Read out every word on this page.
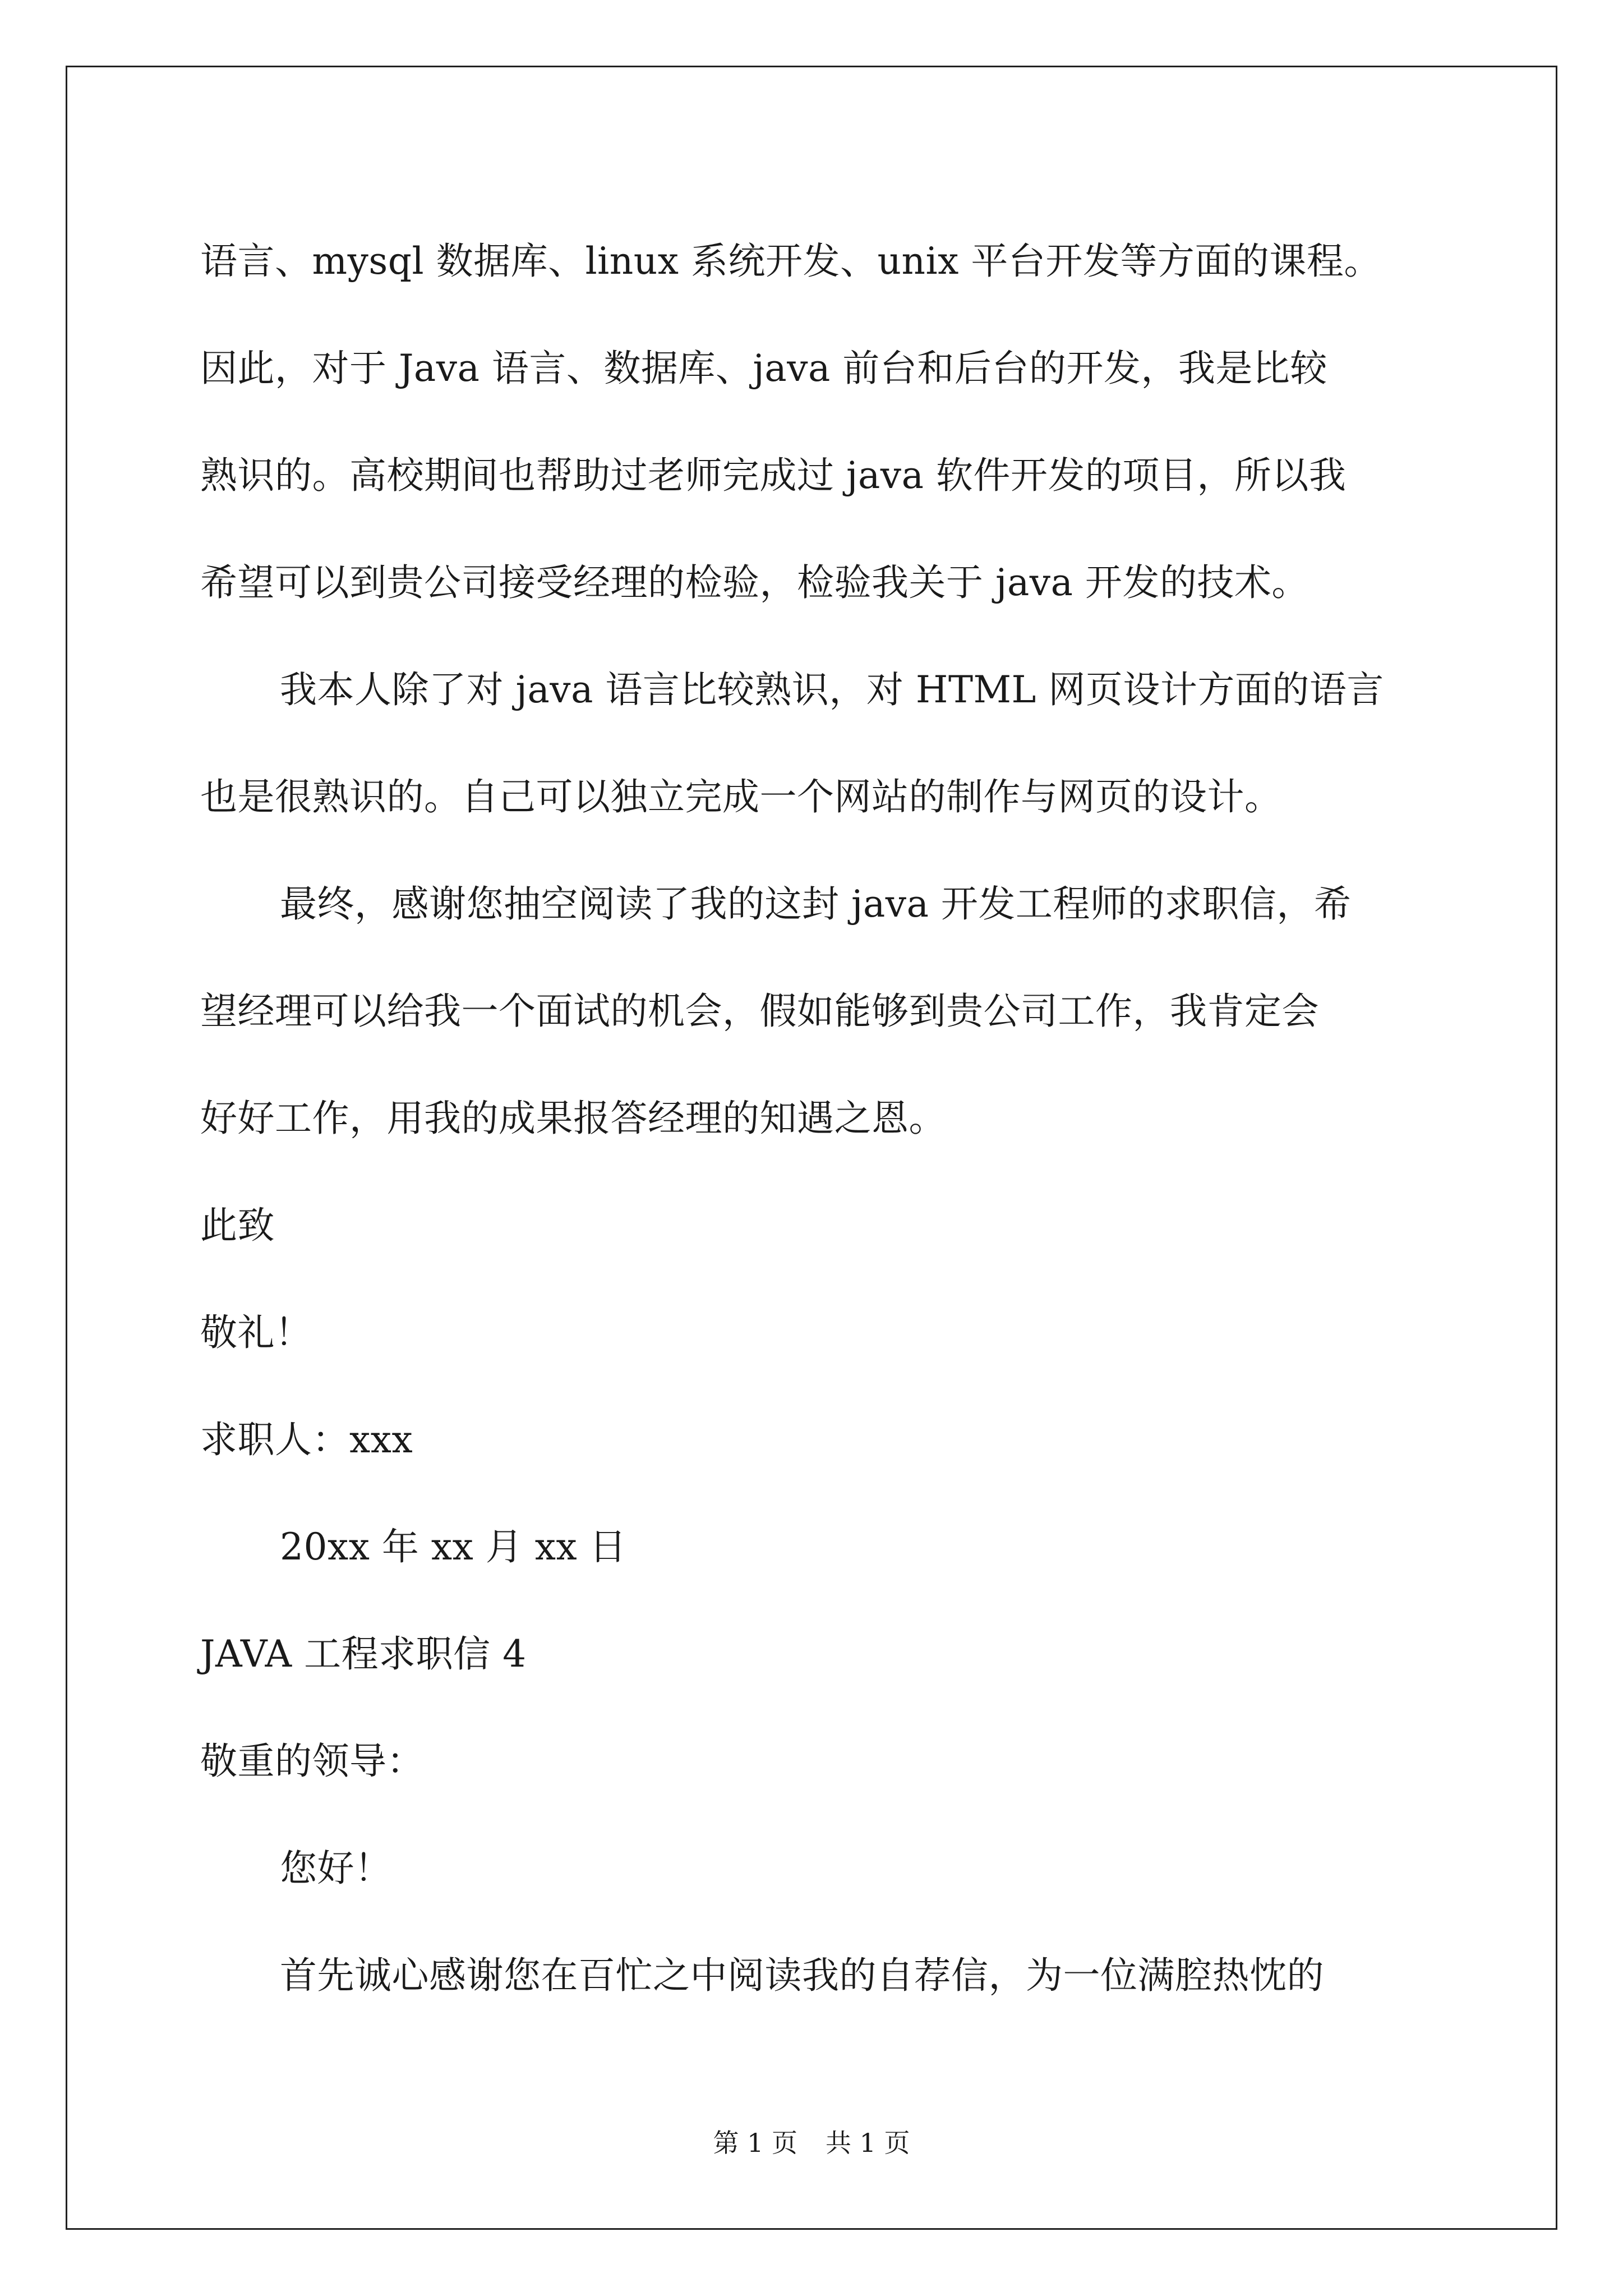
语言、mysql 数据库、linux 系统开发、unix 平台开发等方面的课程。
因此，对于 Java 语言、数据库、java 前台和后台的开发，我是比较
熟识的。高校期间也帮助过老师完成过 java 软件开发的项目，所以我
希望可以到贵公司接受经理的检验，检验我关于 java 开发的技术。
我本人除了对 java 语言比较熟识，对 HTML 网页设计方面的语言
也是很熟识的。自己可以独立完成一个网站的制作与网页的设计。
最终，感谢您抽空阅读了我的这封 java 开发工程师的求职信，希
望经理可以给我一个面试的机会，假如能够到贵公司工作，我肯定会
好好工作，用我的成果报答经理的知遇之恩。
此致
敬礼！
求职人：xxx
20xx 年 xx 月 xx 日
JAVA 工程求职信 4
敬重的领导：
您好！
首先诚心感谢您在百忙之中阅读我的自荐信，为一位满腔热忱的
第 1 页 共 1 页
